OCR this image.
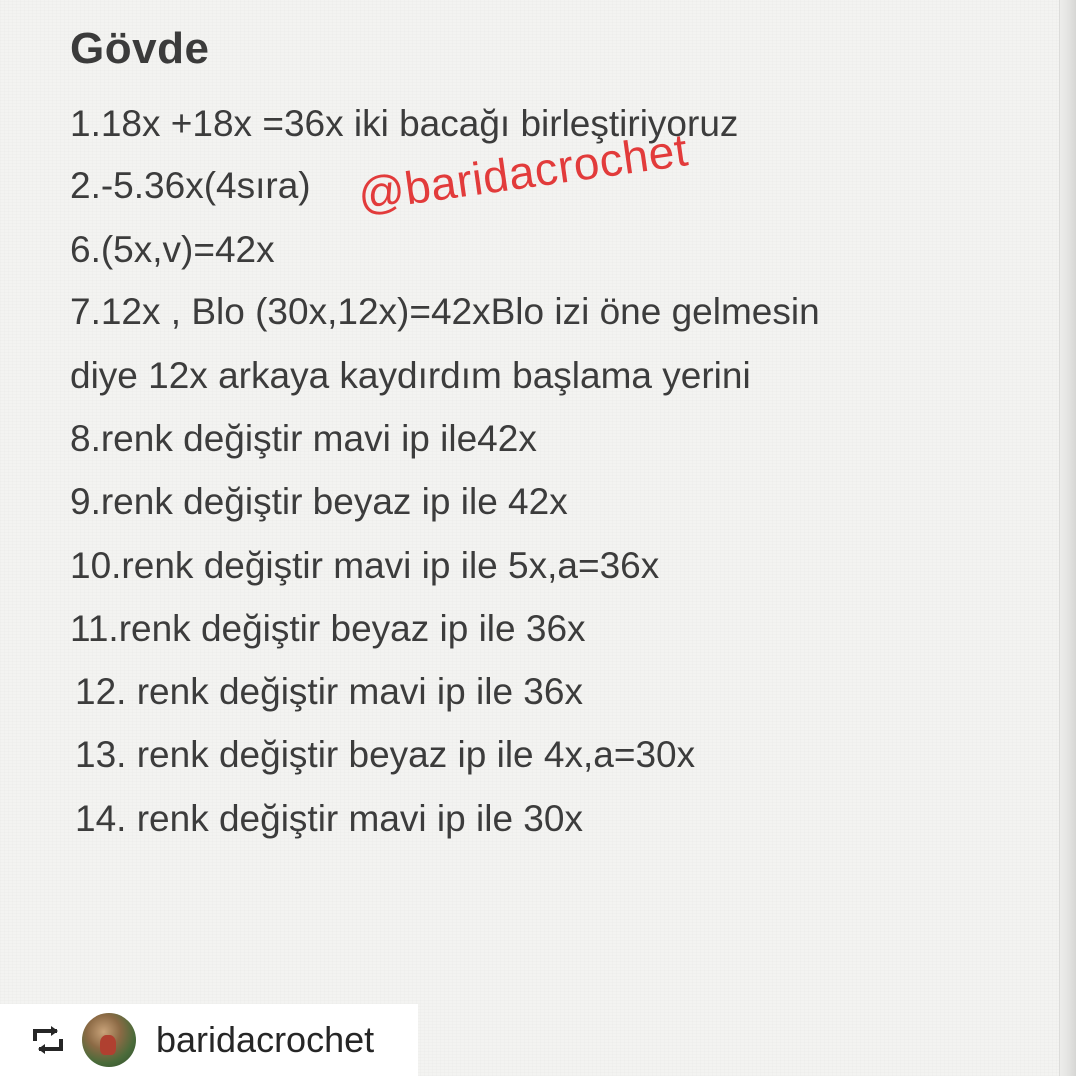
Gövde
1.18x +18x =36x iki bacağı birleştiriyoruz
2.-5.36x(4sıra)
6.(5x,v)=42x
7.12x , Blo (30x,12x)=42xBlo izi öne gelmesin
diye 12x arkaya kaydırdım başlama yerini
8.renk değiştir mavi ip ile42x
9.renk değiştir beyaz ip ile 42x
10.renk değiştir mavi ip ile 5x,a=36x
11.renk değiştir beyaz ip ile 36x
12. renk değiştir mavi ip ile 36x
13. renk değiştir beyaz ip ile 4x,a=30x
14. renk değiştir mavi ip ile 30x
@baridacrochet
baridacrochet
